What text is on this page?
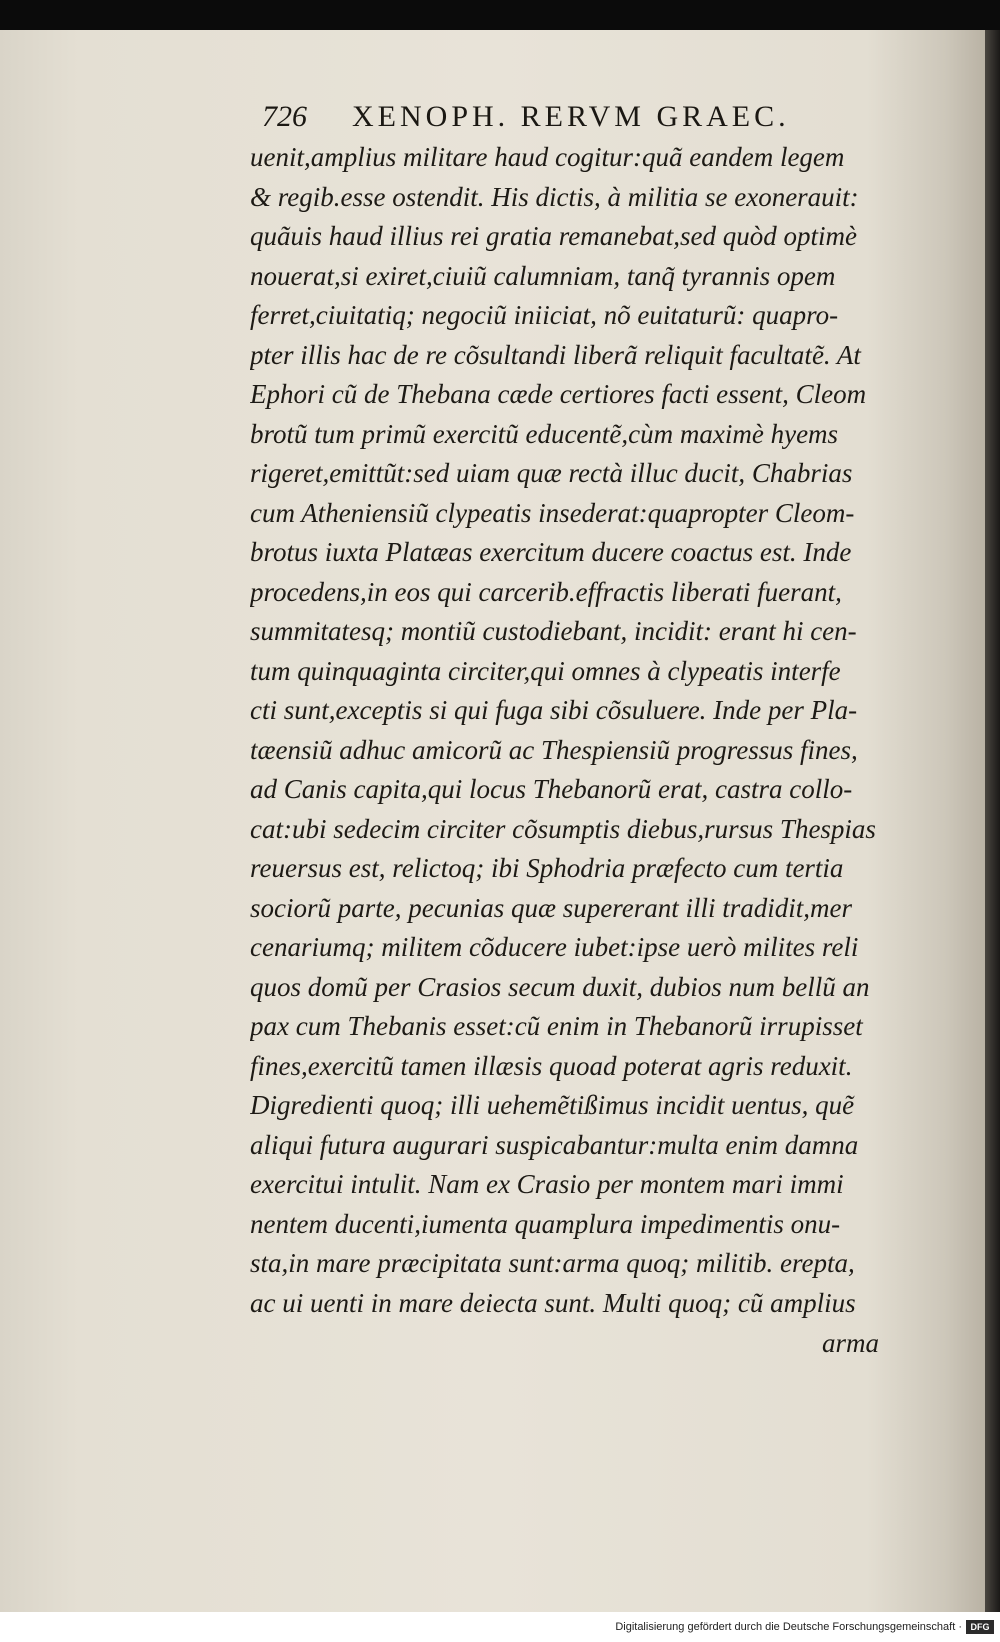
726 XENOPH. RERVM GRAEC.
uenit,amplius militare haud cogitur:quã eandem legem
& regib.esse ostendit. His dictis, à militia se exonerauit:
quãuis haud illius rei gratia remanebat,sed quòd optimè
nouerat,si exiret,ciuiũ calumniam, tanq̃ tyrannis opem
ferret,ciuitatiq; negociũ iniiciat, nõ euitaturũ: quapro-
pter illis hac de re cõsultandi liberã reliquit facultatẽ. At
Ephori cũ de Thebana cæde certiores facti essent, Cleom
brotũ tum primũ exercitũ educentẽ,cùm maximè hyems
rigeret,emittũt:sed uiam quæ rectà illuc ducit, Chabrias
cum Atheniensiũ clypeatis insederat:quapropter Cleom-
brotus iuxta Platæas exercitum ducere coactus est. Inde
procedens,in eos qui carcerib.effractis liberati fuerant,
summitatesq; montiũ custodiebant, incidit: erant hi cen-
tum quinquaginta circiter,qui omnes à clypeatis interfe
cti sunt,exceptis si qui fuga sibi cõsuluere. Inde per Pla-
tæensiũ adhuc amicorũ ac Thespiensiũ progressus fines,
ad Canis capita,qui locus Thebanorũ erat, castra collo-
cat:ubi sedecim circiter cõsumptis diebus,rursus Thespias
reuersus est, relictoq; ibi Sphodria præfecto cum tertia
sociorũ parte, pecunias quæ supererant illi tradidit,mer
cenariumq; militem cõducere iubet:ipse uerò milites reli
quos domũ per Crasios secum duxit, dubios num bellũ an
pax cum Thebanis esset:cũ enim in Thebanorũ irrupisset
fines,exercitũ tamen illæsis quoad poterat agris reduxit.
Digredienti quoq; illi uehemẽtißimus incidit uentus, quẽ
aliqui futura augurari suspicabantur:multa enim damna
exercitui intulit. Nam ex Crasio per montem mari immi
nentem ducenti,iumenta quamplura impedimentis onu-
sta,in mare præcipitata sunt:arma quoq; militib. erepta,
ac ui uenti in mare deiecta sunt. Multi quoq; cũ amplius
arma
Digitalisierung gefördert durch die Deutsche Forschungsgemeinschaft · DFG
